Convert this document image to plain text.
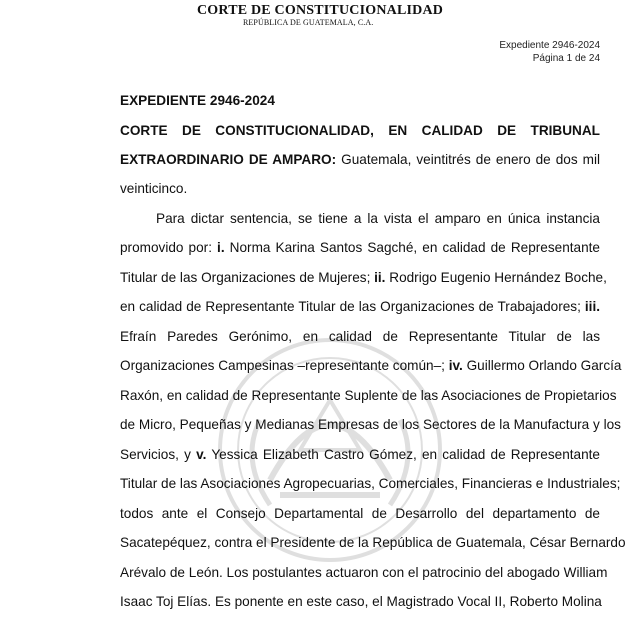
CORTE DE CONSTITUCIONALIDAD
REPÚBLICA DE GUATEMALA, C.A.
Expediente 2946-2024
Página 1 de 24
EXPEDIENTE 2946-2024
CORTE DE CONSTITUCIONALIDAD, EN CALIDAD DE TRIBUNAL
EXTRAORDINARIO DE AMPARO: Guatemala, veintitrés de enero de dos mil
veinticinco.
Para dictar sentencia, se tiene a la vista el amparo en única instancia
promovido por: i. Norma Karina Santos Sagché, en calidad de Representante
Titular de las Organizaciones de Mujeres; ii. Rodrigo Eugenio Hernández Boche,
en calidad de Representante Titular de las Organizaciones de Trabajadores; iii.
Efraín Paredes Gerónimo, en calidad de Representante Titular de las
Organizaciones Campesinas –representante común–; iv. Guillermo Orlando García
Raxón, en calidad de Representante Suplente de las Asociaciones de Propietarios
de Micro, Pequeñas y Medianas Empresas de los Sectores de la Manufactura y los
Servicios, y v. Yessica Elizabeth Castro Gómez, en calidad de Representante
Titular de las Asociaciones Agropecuarias, Comerciales, Financieras e Industriales;
todos ante el Consejo Departamental de Desarrollo del departamento de
Sacatepéquez, contra el Presidente de la República de Guatemala, César Bernardo
Arévalo de León. Los postulantes actuaron con el patrocinio del abogado William
Isaac Toj Elías. Es ponente en este caso, el Magistrado Vocal II, Roberto Molina
